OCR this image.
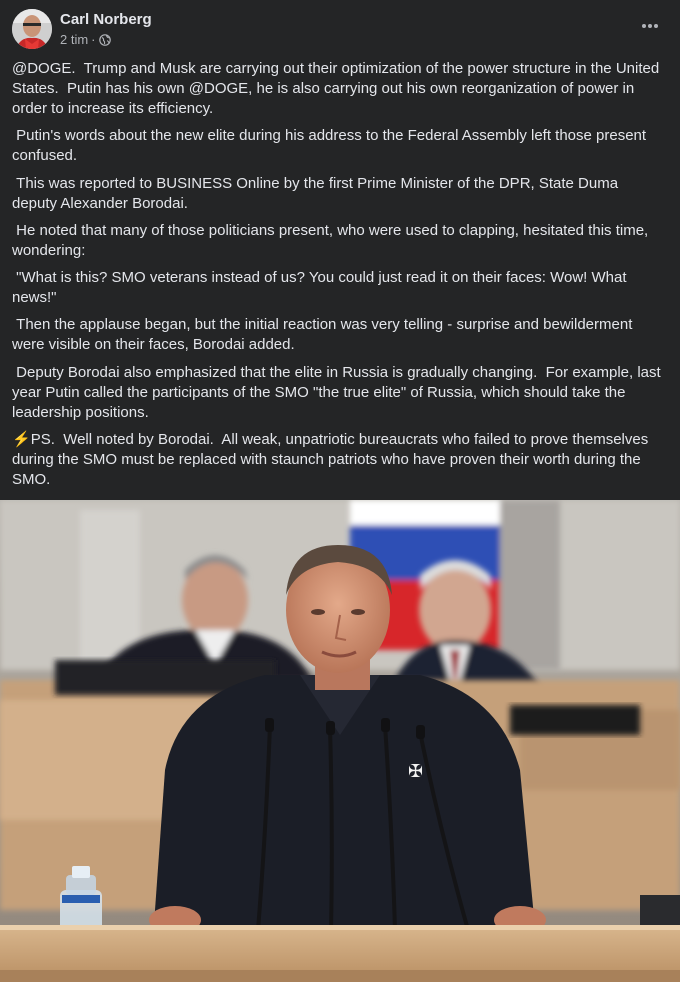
Carl Norberg
2 tim ·

@DOGE.  Trump and Musk are carrying out their optimization of the power structure in the United States.  Putin has his own @DOGE, he is also carrying out his own reorganization of power in order to increase its efficiency.

Putin's words about the new elite during his address to the Federal Assembly left those present confused.

This was reported to BUSINESS Online by the first Prime Minister of the DPR, State Duma deputy Alexander Borodai.

He noted that many of those politicians present, who were used to clapping, hesitated this time, wondering:

"What is this? SMO veterans instead of us? You could just read it on their faces: Wow! What news!"

Then the applause began, but the initial reaction was very telling - surprise and bewilderment were visible on their faces, Borodai added.

Deputy Borodai also emphasized that the elite in Russia is gradually changing.  For example, last year Putin called the participants of the SMO "the true elite" of Russia, which should take the leadership positions.

⚡PS.  Well noted by Borodai.  All weak, unpatriotic bureaucrats who failed to prove themselves during the SMO must be replaced with staunch patriots who have proven their worth during the SMO.

✠
